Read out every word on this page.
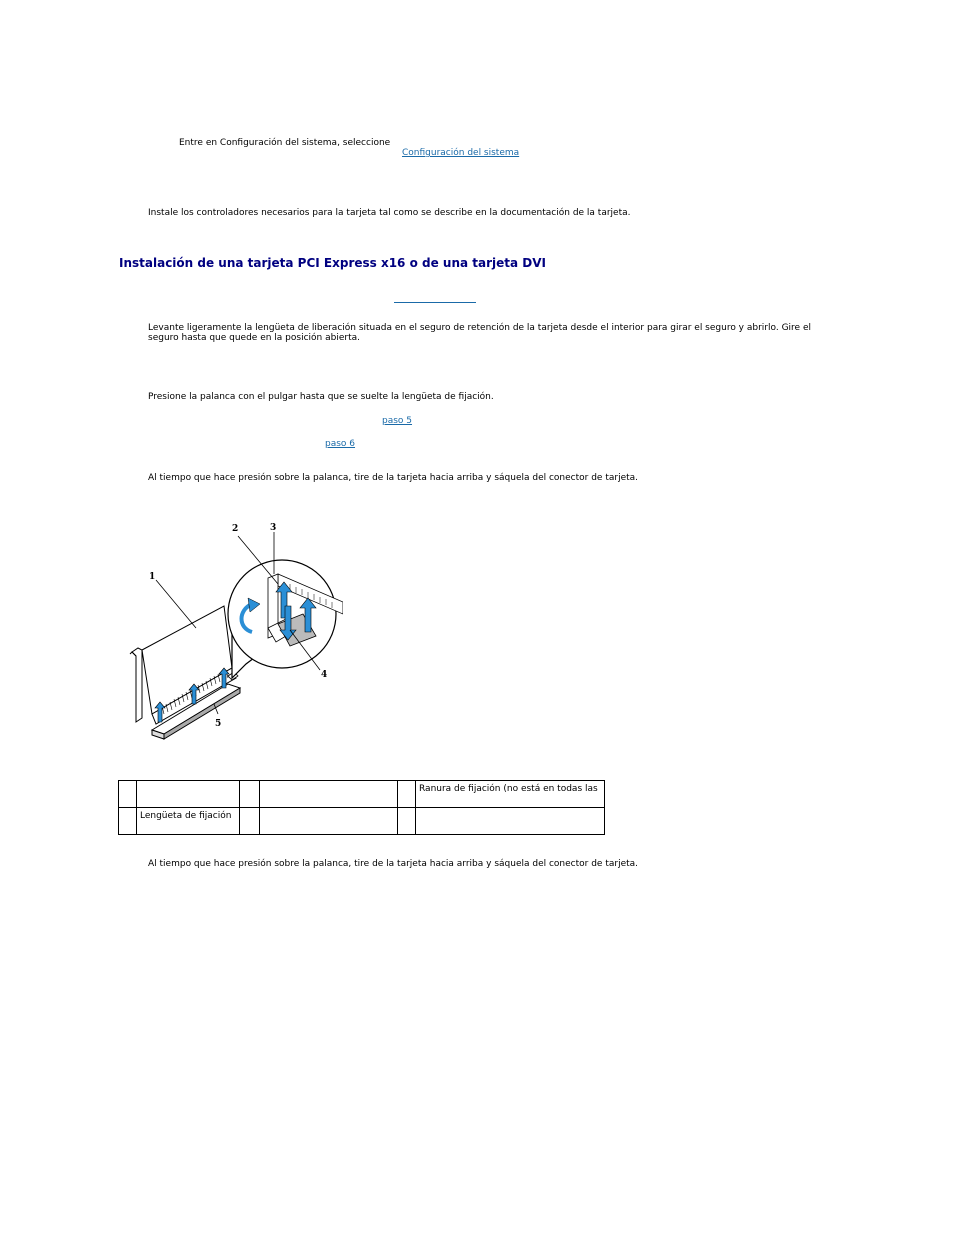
Entre en Configuración del sistema, seleccione
Configuración del sistema
Instale los controladores necesarios para la tarjeta tal como se describe en la documentación de la tarjeta.
Instalación de una tarjeta PCI Express x16 o de una tarjeta DVI
Levante ligeramente la lengüeta de liberación situada en el seguro de retención de la tarjeta desde el interior para girar el seguro y abrirlo. Gire el seguro hasta que quede en la posición abierta.
Presione la palanca con el pulgar hasta que se suelte la lengüeta de fijación.
paso 5
paso 6
Al tiempo que hace presión sobre la palanca, tire de la tarjeta hacia arriba y sáquela del conector de tarjeta.
1
2	3
4
5
					Ranura de fijación (no está en todas las
	Lengüeta de fijación				
Al tiempo que hace presión sobre la palanca, tire de la tarjeta hacia arriba y sáquela del conector de tarjeta.
